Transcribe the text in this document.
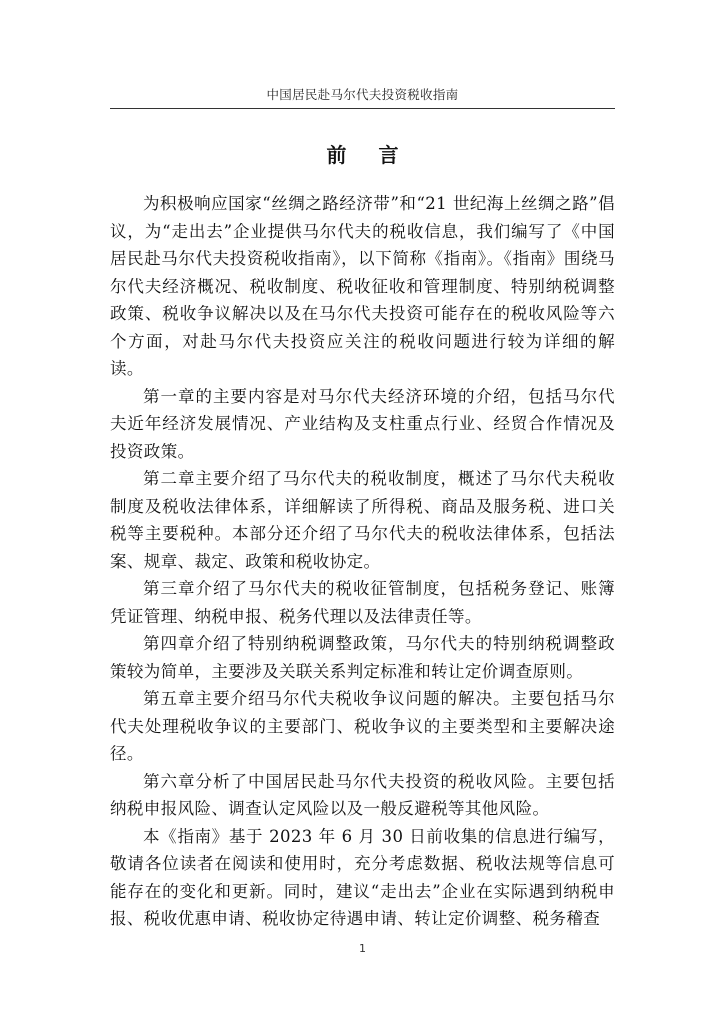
中国居民赴马尔代夫投资税收指南
前 言

为积极响应国家“丝绸之路经济带”和“21 世纪海上丝绸之路”倡议，为“走出去”企业提供马尔代夫的税收信息，我们编写了《中国居民赴马尔代夫投资税收指南》，以下简称《指南》。《指南》围绕马尔代夫经济概况、税收制度、税收征收和管理制度、特别纳税调整政策、税收争议解决以及在马尔代夫投资可能存在的税收风险等六个方面，对赴马尔代夫投资应关注的税收问题进行较为详细的解读。

第一章的主要内容是对马尔代夫经济环境的介绍，包括马尔代夫近年经济发展情况、产业结构及支柱重点行业、经贸合作情况及投资政策。

第二章主要介绍了马尔代夫的税收制度，概述了马尔代夫税收制度及税收法律体系，详细解读了所得税、商品及服务税、进口关税等主要税种。本部分还介绍了马尔代夫的税收法律体系，包括法案、规章、裁定、政策和税收协定。

第三章介绍了马尔代夫的税收征管制度，包括税务登记、账簿凭证管理、纳税申报、税务代理以及法律责任等。

第四章介绍了特别纳税调整政策，马尔代夫的特别纳税调整政策较为简单，主要涉及关联关系判定标准和转让定价调查原则。

第五章主要介绍马尔代夫税收争议问题的解决。主要包括马尔代夫处理税收争议的主要部门、税收争议的主要类型和主要解决途径。

第六章分析了中国居民赴马尔代夫投资的税收风险。主要包括纳税申报风险、调查认定风险以及一般反避税等其他风险。

本《指南》基于 2023 年 6 月 30 日前收集的信息进行编写，敬请各位读者在阅读和使用时，充分考虑数据、税收法规等信息可能存在的变化和更新。同时，建议“走出去”企业在实际遇到纳税申报、税收优惠申请、税收协定待遇申请、转让定价调整、税务稽查

1
